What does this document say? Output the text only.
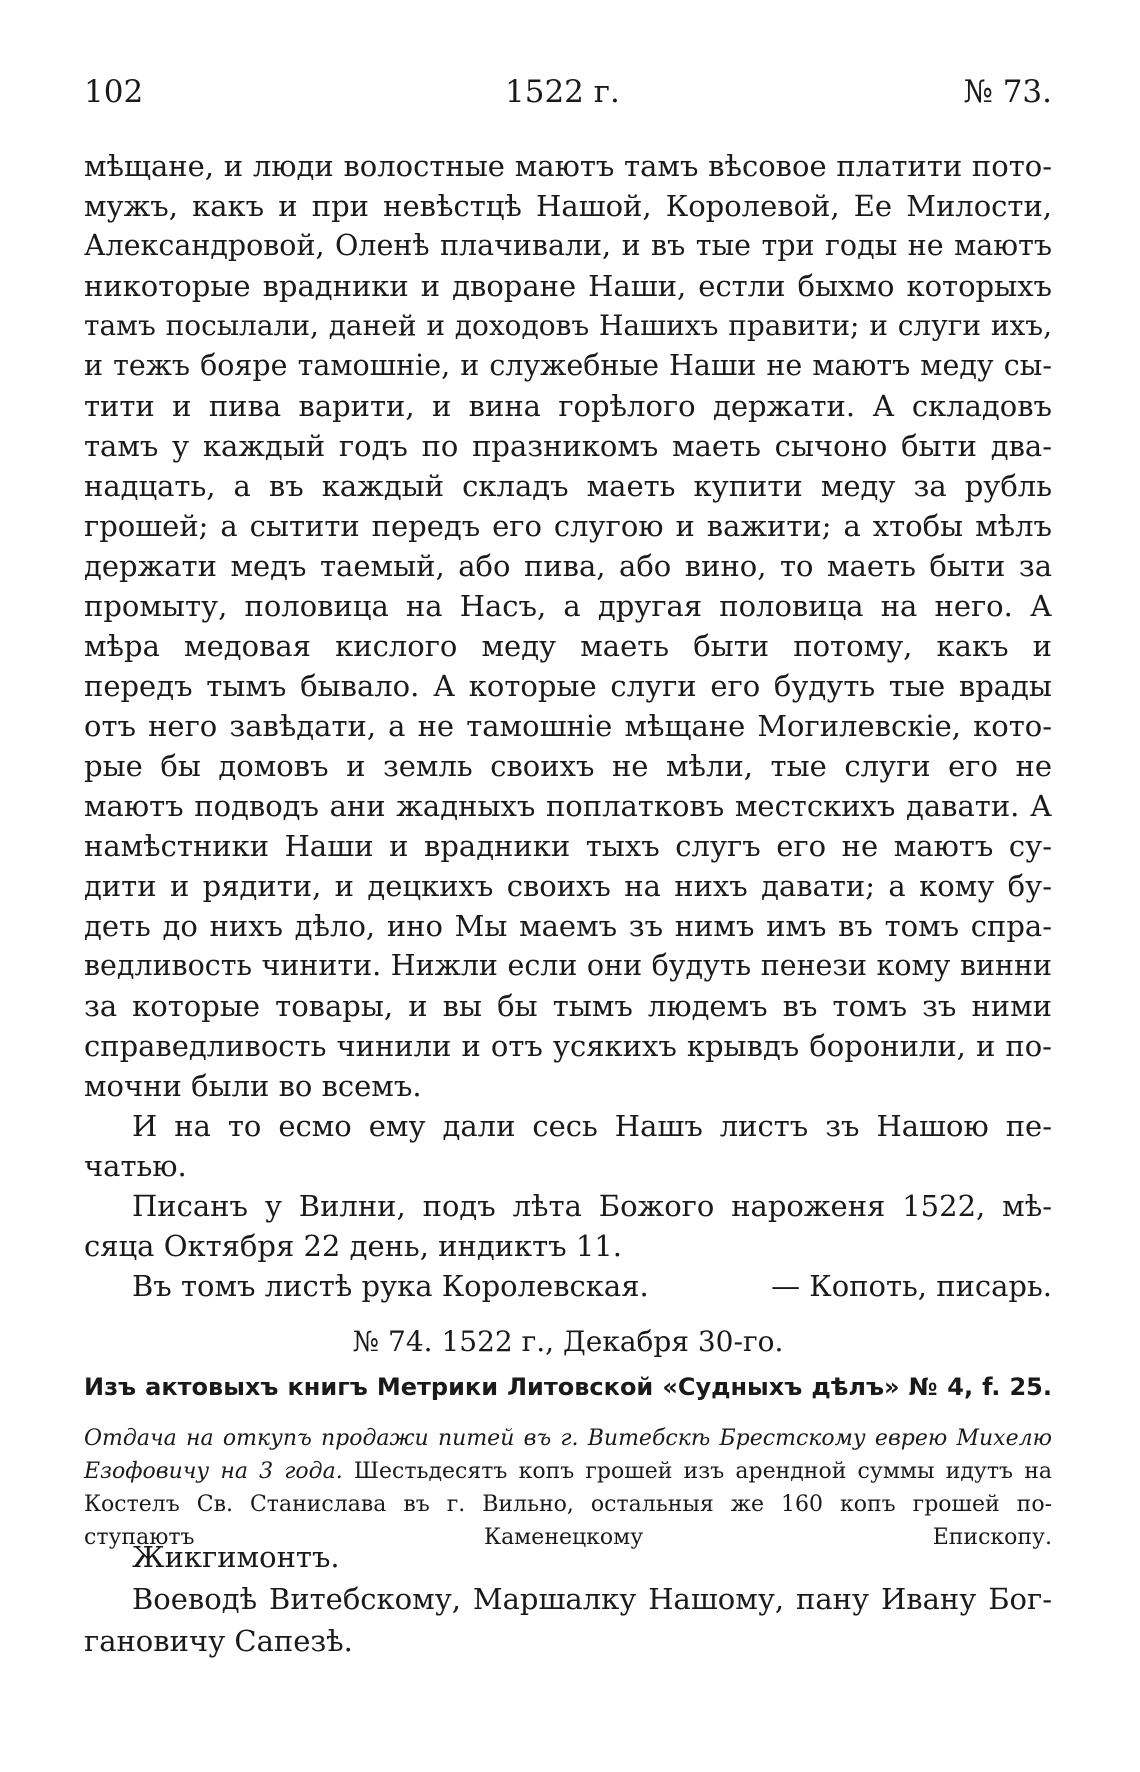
102	1522 г.	№ 73.
мѣщане, и люди волостные маютъ тамъ вѣсовое платити пото-
мужъ, какъ и при невѣстцѣ Нашой, Королевой, Ее Милости,
Александровой, Оленѣ плачивали, и въ тые три годы не маютъ
никоторые врадники и дворане Наши, естли быхмо которыхъ
тамъ посылали, даней и доходовъ Нашихъ правити; и слуги ихъ,
и тежъ бояре тамошніе, и служебные Наши не маютъ меду сы-
тити и пива варити, и вина горѣлого держати. А складовъ
тамъ у каждый годъ по празникомъ маеть сычоно быти два-
надцать, а въ каждый складъ маеть купити меду за рубль
грошей; а сытити передъ его слугою и важити; а хтобы мѣлъ
держати медъ таемый, або пива, або вино, то маеть быти за
промыту, половица на Насъ, а другая половица на него. А
мѣра медовая кислого меду маеть быти потому, какъ и
передъ тымъ бывало. А которые слуги его будуть тые врады
отъ него завѣдати, а не тамошніе мѣщане Могилевскіе, кото-
рые бы домовъ и земль своихъ не мѣли, тые слуги его не
маютъ подводъ ани жадныхъ поплатковъ местскихъ давати. А
намѣстники Наши и врадники тыхъ слугъ его не маютъ су-
дити и рядити, и децкихъ своихъ на нихъ давати; а кому бу-
деть до нихъ дѣло, ино Мы маемъ зъ нимъ имъ въ томъ спра-
ведливость чинити. Нижли если они будуть пенези кому винни
за которые товары, и вы бы тымъ людемъ въ томъ зъ ними
справедливость чинили и отъ усякихъ крывдъ боронили, и по-
мочни были во всемъ.
И на то есмо ему дали сесь Нашъ листъ зъ Нашою пе-
чатью.
Писанъ у Вилни, подъ лѣта Божого нароженя 1522, мѣ-
сяца Октября 22 день, индиктъ 11.
Въ томъ листѣ рука Королевская.	— Копоть, писарь.
№ 74. 1522 г., Декабря 30-го.
Изъ актовыхъ книгъ Метрики Литовской «Судныхъ дѣлъ» № 4, f. 25.
Отдача на откупъ продажи питей въ г. Витебскѣ Брестскому еврею Михелю
Езофовичу на 3 года. Шестьдесятъ копъ грошей изъ арендной суммы идутъ на
Костелъ Св. Станислава въ г. Вильно, остальныя же 160 копъ грошей по-
ступаютъ Каменецкому Епископу.
Жикгимонтъ.
Воеводѣ Витебскому, Маршалку Нашому, пану Ивану Бог-
гановичу Сапезѣ.
